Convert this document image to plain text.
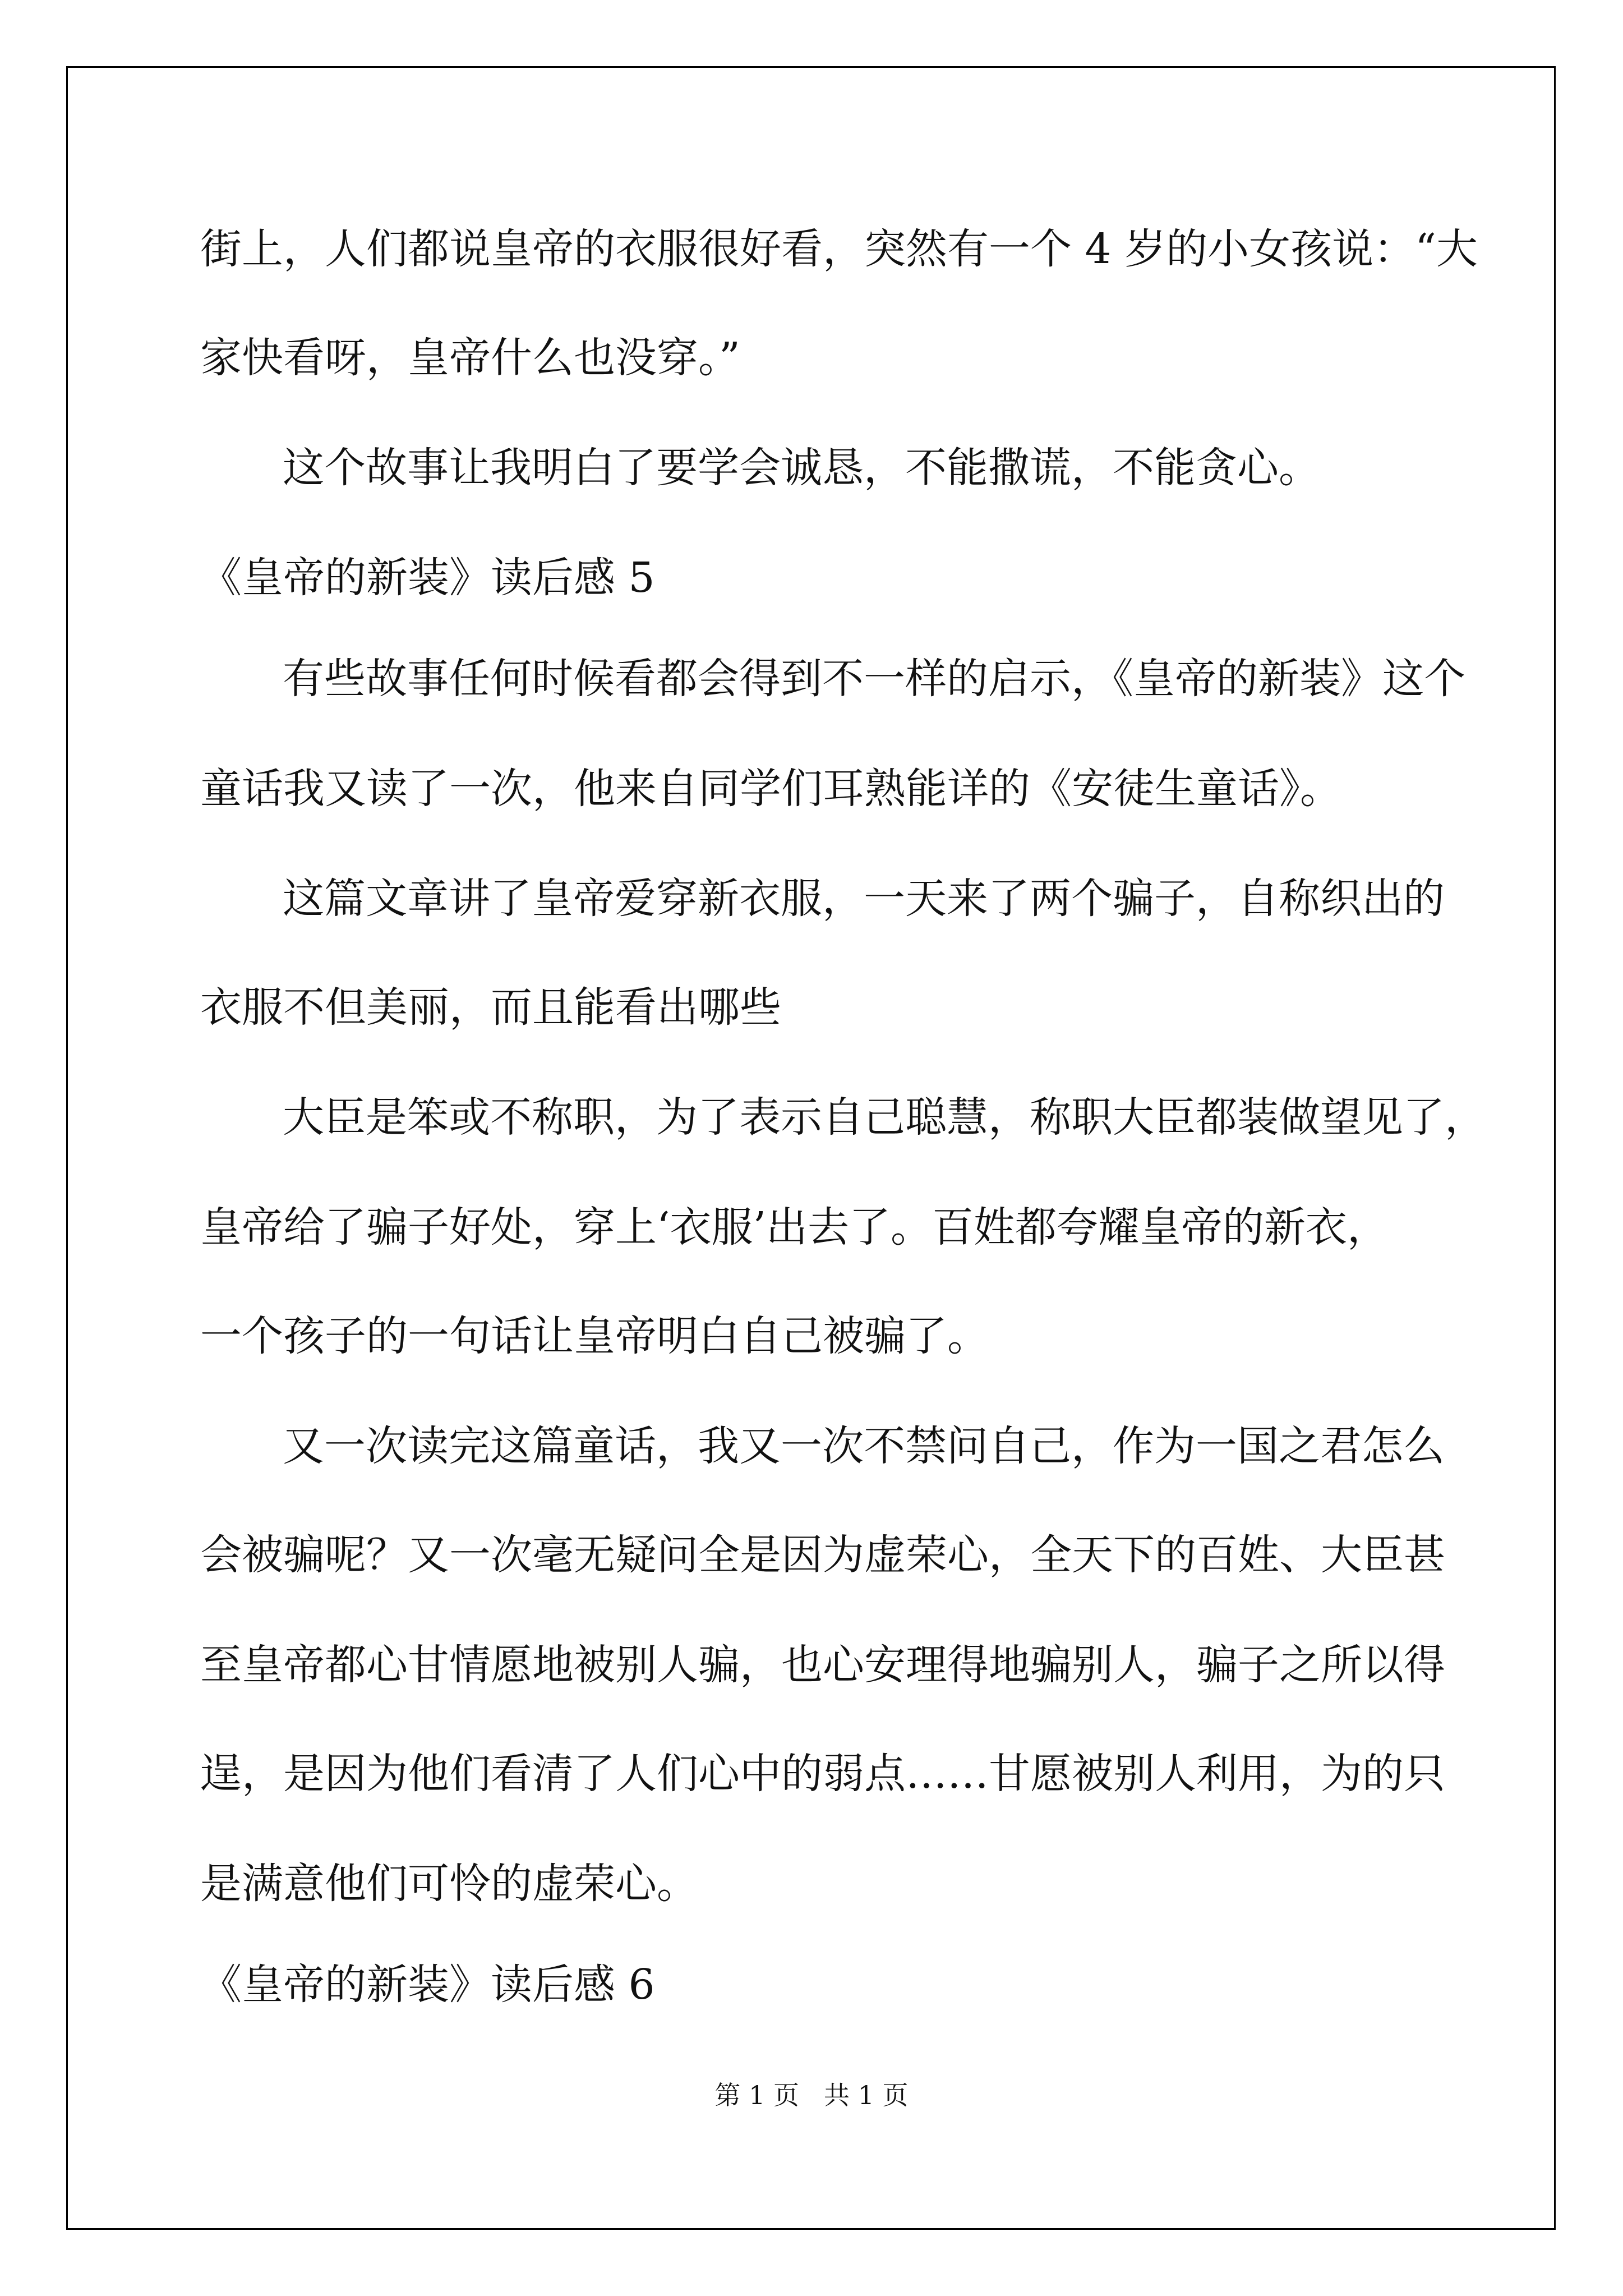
街上，人们都说皇帝的衣服很好看，突然有一个 4 岁的小女孩说：“大
家快看呀，皇帝什么也没穿。”
这个故事让我明白了要学会诚恳，不能撒谎，不能贪心。
《皇帝的新装》读后感 5
有些故事任何时候看都会得到不一样的启示，《皇帝的新装》这个
童话我又读了一次，他来自同学们耳熟能详的《安徒生童话》。
这篇文章讲了皇帝爱穿新衣服，一天来了两个骗子，自称织出的
衣服不但美丽，而且能看出哪些
大臣是笨或不称职，为了表示自己聪慧，称职大臣都装做望见了，
皇帝给了骗子好处，穿上‘衣服’出去了。百姓都夸耀皇帝的新衣，
一个孩子的一句话让皇帝明白自己被骗了。
又一次读完这篇童话，我又一次不禁问自己，作为一国之君怎么
会被骗呢？又一次毫无疑问全是因为虚荣心，全天下的百姓、大臣甚
至皇帝都心甘情愿地被别人骗，也心安理得地骗别人，骗子之所以得
逞，是因为他们看清了人们心中的弱点……甘愿被别人利用，为的只
是满意他们可怜的虚荣心。
《皇帝的新装》读后感 6
第 1 页 共 1 页
